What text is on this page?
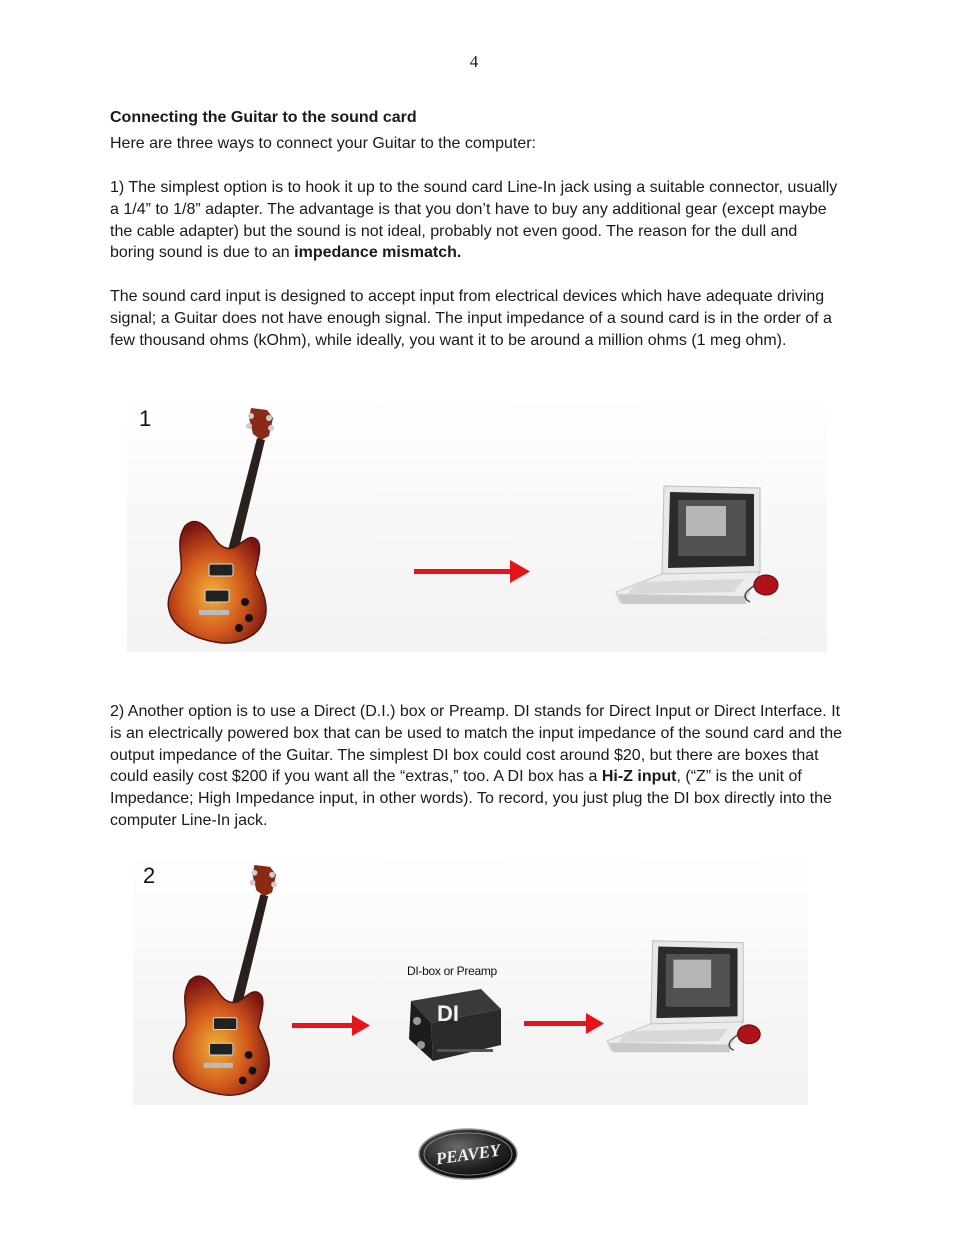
4
Connecting the Guitar to the sound card
Here are three ways to connect your Guitar to the computer:
1) The simplest option is to hook it up to the sound card Line-In jack using a suitable connector, usually a 1/4” to 1/8” adapter. The advantage is that you don’t have to buy any additional gear (except maybe the cable adapter) but the sound is not ideal, probably not even good. The reason for the dull and boring sound is due to an impedance mismatch.
The sound card input is designed to accept input from electrical devices which have adequate driving signal; a Guitar does not have enough signal. The input impedance of a sound card is in the order of a few thousand ohms (kOhm), while ideally, you want it to be around a million ohms (1 meg ohm).
1
2) Another option is to use a Direct (D.I.) box or Preamp. DI stands for Direct Input or Direct Interface. It is an electrically powered box that can be used to match the input impedance of the sound card and the output impedance of the Guitar. The simplest DI box could cost around $20, but there are boxes that could easily cost $200 if you want all the “extras,” too. A DI box has a Hi-Z input, (“Z” is the unit of Impedance; High Impedance input, in other words). To record, you just plug the DI box directly into the computer Line-In jack.
2
DI-box or Preamp
DI
PEAVEY
